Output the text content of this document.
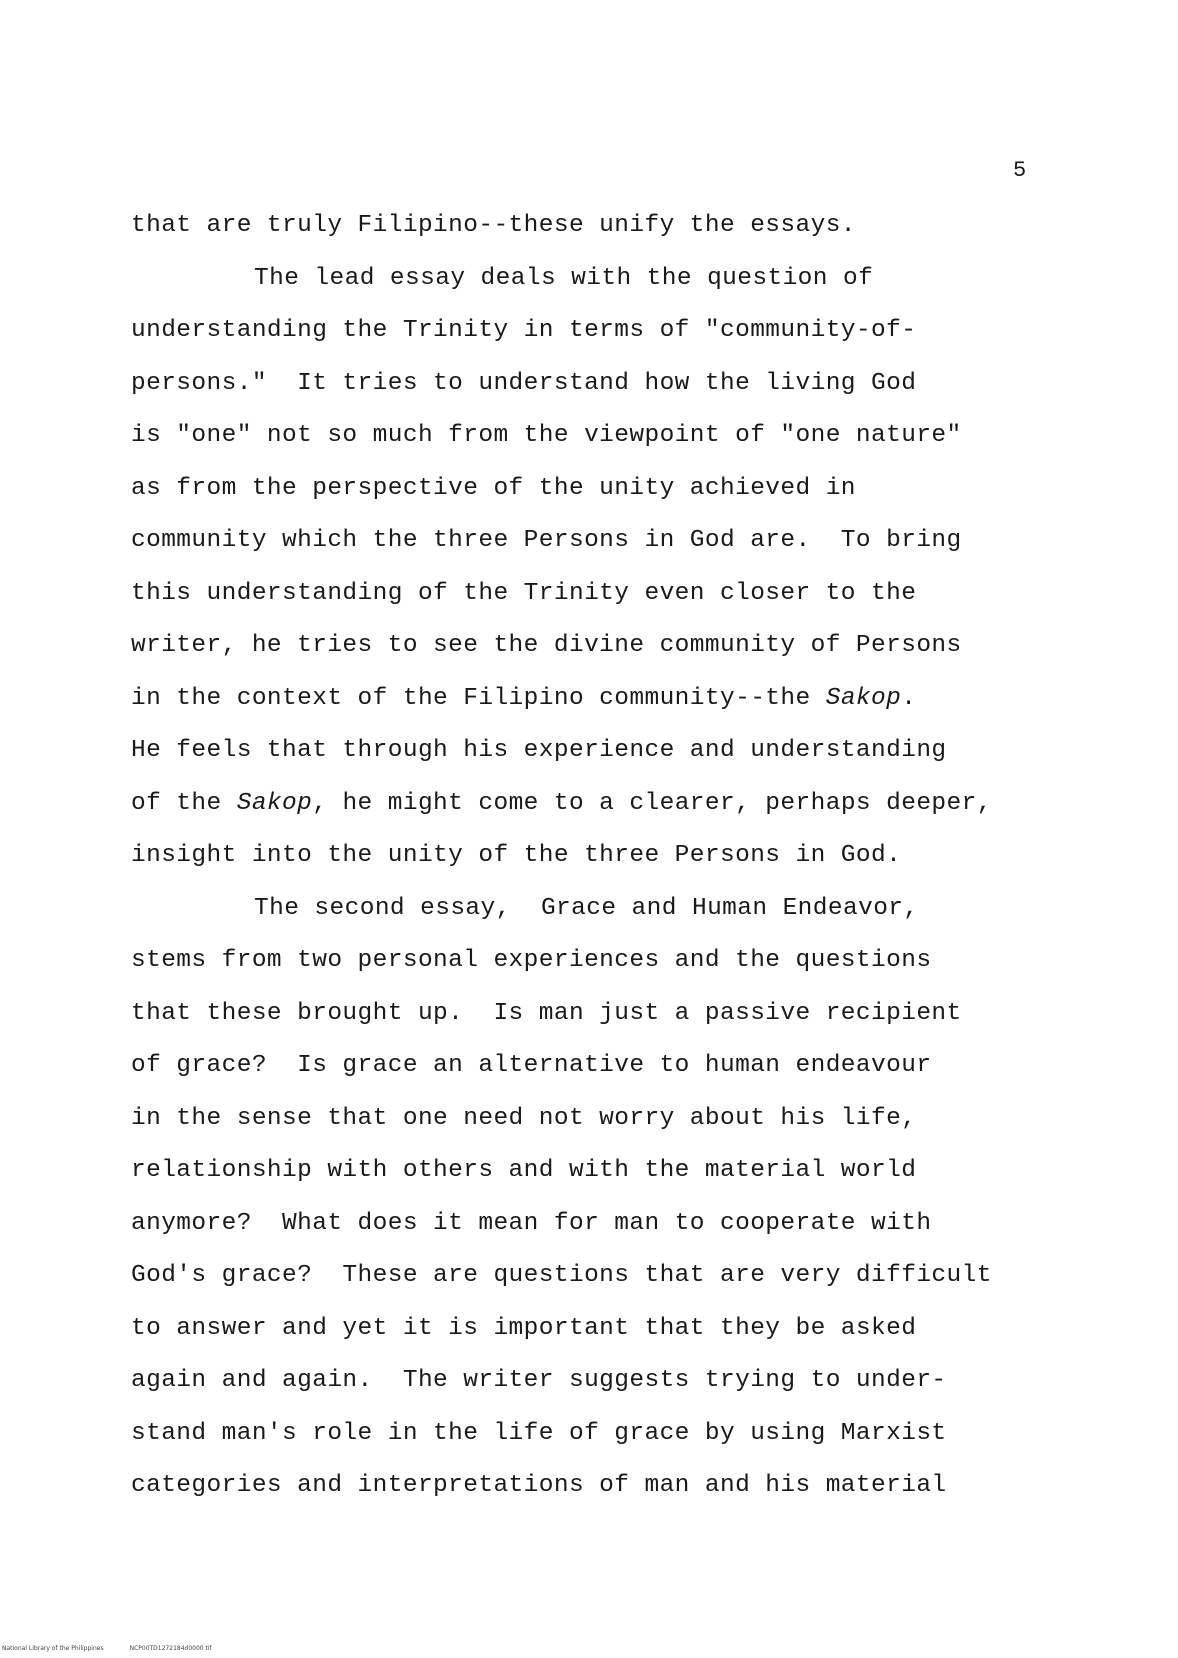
5
that are truly Filipino--these unify the essays.
The lead essay deals with the question of
understanding the Trinity in terms of "community-of-
persons."  It tries to understand how the living God
is "one" not so much from the viewpoint of "one nature"
as from the perspective of the unity achieved in
community which the three Persons in God are.  To bring
this understanding of the Trinity even closer to the
writer, he tries to see the divine community of Persons
in the context of the Filipino community--the Sakop.
He feels that through his experience and understanding
of the Sakop, he might come to a clearer, perhaps deeper,
insight into the unity of the three Persons in God.
The second essay,  Grace and Human Endeavor,
stems from two personal experiences and the questions
that these brought up.  Is man just a passive recipient
of grace?  Is grace an alternative to human endeavour
in the sense that one need not worry about his life,
relationship with others and with the material world
anymore?  What does it mean for man to cooperate with
God's grace?  These are questions that are very difficult
to answer and yet it is important that they be asked
again and again.  The writer suggests trying to under-
stand man's role in the life of grace by using Marxist
categories and interpretations of man and his material
National Library of the Philippines	NCP00TD1272184d0000 tif
